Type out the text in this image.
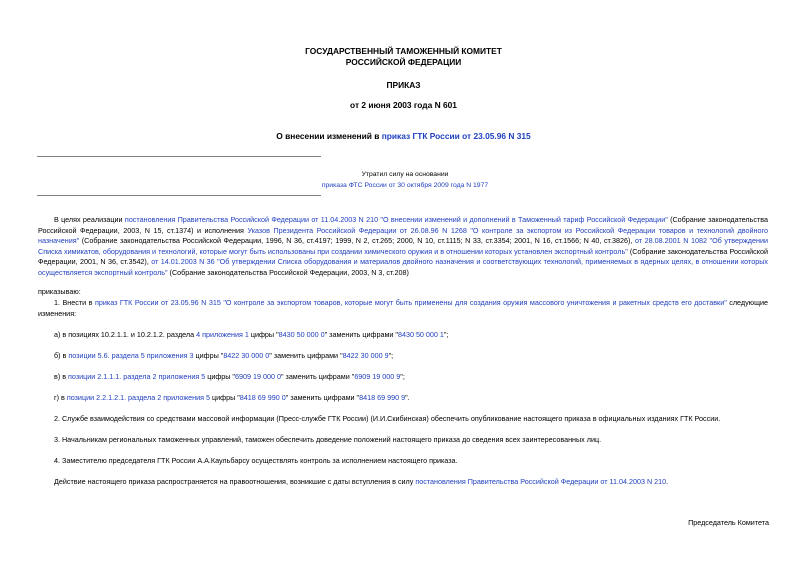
ГОСУДАРСТВЕННЫЙ ТАМОЖЕННЫЙ КОМИТЕТ
РОССИЙСКОЙ ФЕДЕРАЦИИ
ПРИКАЗ
от 2 июня 2003 года N 601
О внесении изменений в приказ ГТК России от 23.05.96 N 315
Утратил силу на основании
приказа ФТС России от 30 октября 2009 года N 1977
В целях реализации постановления Правительства Российской Федерации от 11.04.2003 N 210 "О внесении изменений и дополнений в Таможенный тариф Российской Федерации" (Собрание законодательства Российской Федерации, 2003, N 15, ст.1374) и исполнения Указов Президента Российской Федерации от 26.08.96 N 1268 "О контроле за экспортом из Российской Федерации товаров и технологий двойного назначения" (Собрание законодательства Российской Федерации, 1996, N 36, ст.4197; 1999, N 2, ст.265; 2000, N 10, ст.1115; N 33, ст.3354; 2001, N 16, ст.1566; N 40, ст.3826), от 28.08.2001 N 1082 "Об утверждении Списка химикатов, оборудования и технологий, которые могут быть использованы при создании химического оружия и в отношении которых установлен экспортный контроль" (Собрание законодательства Российской Федерации, 2001, N 36, ст.3542), от 14.01.2003 N 36 "Об утверждении Списка оборудования и материалов двойного назначения и соответствующих технологий, применяемых в ядерных целях, в отношении которых осуществляется экспортный контроль" (Собрание законодательства Российской Федерации, 2003, N 3, ст.208)
приказываю:
1. Внести в приказ ГТК России от 23.05.96 N 315 "О контроле за экспортом товаров, которые могут быть применены для создания оружия массового уничтожения и ракетных средств его доставки" следующие изменения:
а) в позициях 10.2.1.1. и 10.2.1.2. раздела 4 приложения 1 цифры "8430 50 000 0" заменить цифрами "8430 50 000 1";
б) в позиции 5.6. раздела 5 приложения 3 цифры "8422 30 000 0" заменить цифрами "8422 30 000 9";
в) в позиции 2.1.1.1. раздела 2 приложения 5 цифры "6909 19 000 0" заменить цифрами "6909 19 000 9";
г) в позиции 2.2.1.2.1. раздела 2 приложения 5 цифры "8418 69 990 0" заменить цифрами "8418 69 990 9".
2. Службе взаимодействия со средствами массовой информации (Пресс-службе ГТК России) (И.И.Скибинская) обеспечить опубликование настоящего приказа в официальных изданиях ГТК России.
3. Начальникам региональных таможенных управлений, таможен обеспечить доведение положений настоящего приказа до сведения всех заинтересованных лиц.
4. Заместителю председателя ГТК России А.А.Каульбарсу осуществлять контроль за исполнением настоящего приказа.
Действие настоящего приказа распространяется на правоотношения, возникшие с даты вступления в силу постановления Правительства Российской Федерации от 11.04.2003 N 210.
Председатель Комитета
